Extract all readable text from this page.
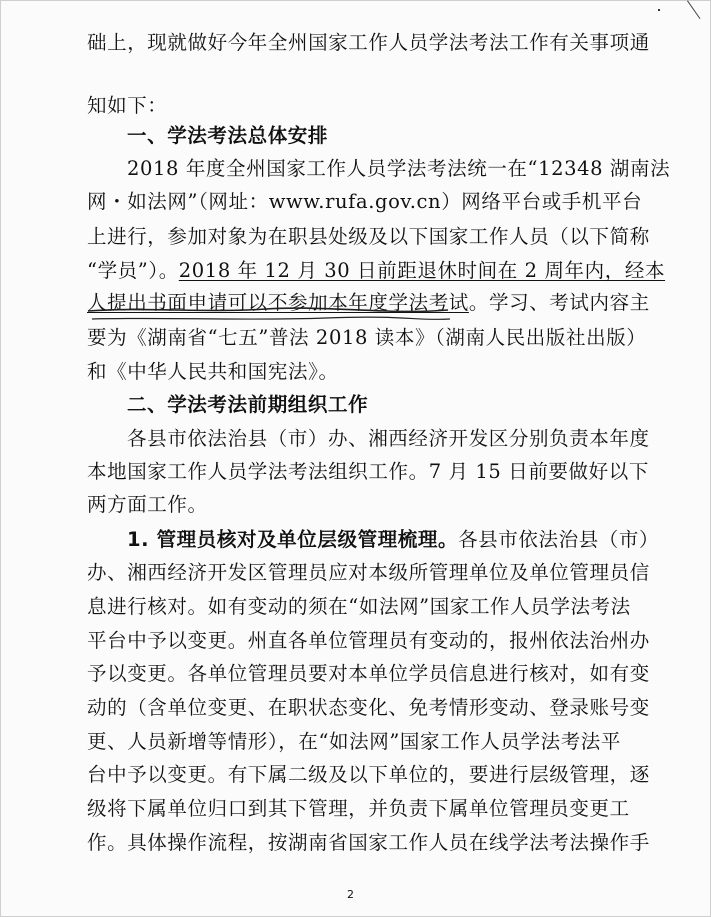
础上，现就做好今年全州国家工作人员学法考法工作有关事项通
知如下：
一、学法考法总体安排
2018 年度全州国家工作人员学法考法统一在“12348 湖南法
网・如法网”（网址：www.rufa.gov.cn）网络平台或手机平台
上进行，参加对象为在职县处级及以下国家工作人员（以下简称
“学员”）。2018 年 12 月 30 日前距退休时间在 2 周年内，经本
人提出书面申请可以不参加本年度学法考试。学习、考试内容主
要为《湖南省“七五”普法 2018 读本》（湖南人民出版社出版）
和《中华人民共和国宪法》。
二、学法考法前期组织工作
各县市依法治县（市）办、湘西经济开发区分别负责本年度
本地国家工作人员学法考法组织工作。7 月 15 日前要做好以下
两方面工作。
1. 管理员核对及单位层级管理梳理。各县市依法治县（市）
办、湘西经济开发区管理员应对本级所管理单位及单位管理员信
息进行核对。如有变动的须在“如法网”国家工作人员学法考法
平台中予以变更。州直各单位管理员有变动的，报州依法治州办
予以变更。各单位管理员要对本单位学员信息进行核对，如有变
动的（含单位变更、在职状态变化、免考情形变动、登录账号变
更、人员新增等情形），在“如法网”国家工作人员学法考法平
台中予以变更。有下属二级及以下单位的，要进行层级管理，逐
级将下属单位归口到其下管理，并负责下属单位管理员变更工
作。具体操作流程，按湖南省国家工作人员在线学法考法操作手
2
